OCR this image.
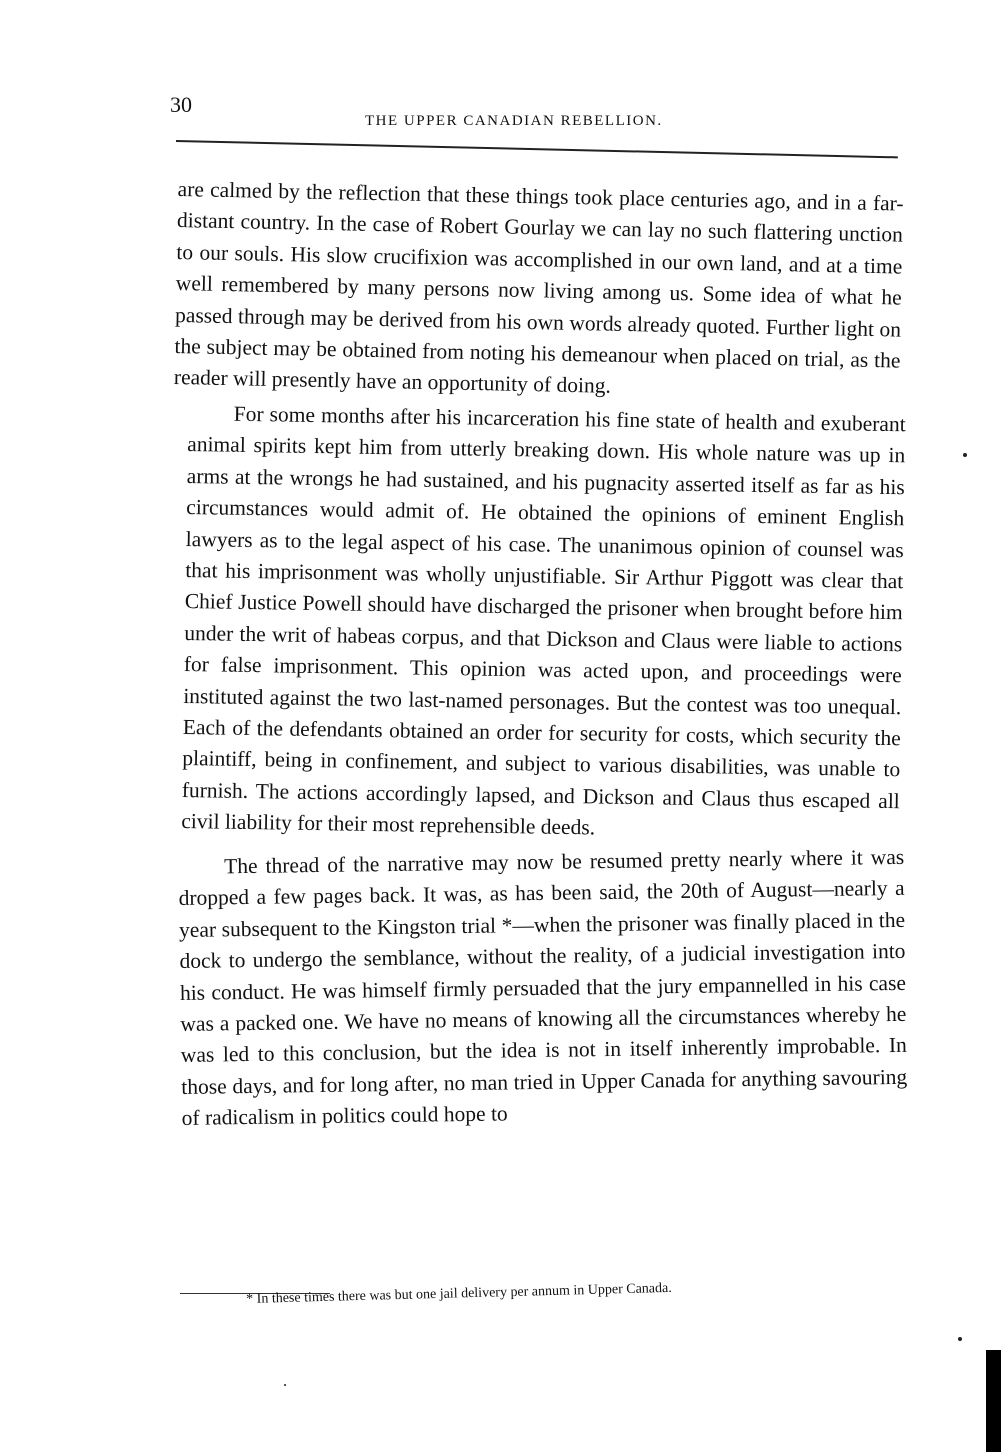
30
THE UPPER CANADIAN REBELLION.

are calmed by the reflection that these things took place centuries ago, and in a far-distant country. In the case of Robert Gourlay we can lay no such flattering unction to our souls. His slow crucifixion was accomplished in our own land, and at a time well remembered by many persons now living among us. Some idea of what he passed through may be derived from his own words already quoted. Further light on the subject may be obtained from noting his demeanour when placed on trial, as the reader will presently have an opportunity of doing.

For some months after his incarceration his fine state of health and exuberant animal spirits kept him from utterly breaking down. His whole nature was up in arms at the wrongs he had sustained, and his pugnacity asserted itself as far as his circumstances would admit of. He obtained the opinions of eminent English lawyers as to the legal aspect of his case. The unanimous opinion of counsel was that his imprisonment was wholly unjustifiable. Sir Arthur Piggott was clear that Chief Justice Powell should have discharged the prisoner when brought before him under the writ of habeas corpus, and that Dickson and Claus were liable to actions for false imprisonment. This opinion was acted upon, and proceedings were instituted against the two last-named personages. But the contest was too unequal. Each of the defendants obtained an order for security for costs, which security the plaintiff, being in confinement, and subject to various disabilities, was unable to furnish. The actions accordingly lapsed, and Dickson and Claus thus escaped all civil liability for their most reprehensible deeds.

The thread of the narrative may now be resumed pretty nearly where it was dropped a few pages back. It was, as has been said, the 20th of August—nearly a year subsequent to the Kingston trial *—when the prisoner was finally placed in the dock to undergo the semblance, without the reality, of a judicial investigation into his conduct. He was himself firmly persuaded that the jury empannelled in his case was a packed one. We have no means of knowing all the circumstances whereby he was led to this conclusion, but the idea is not in itself inherently improbable. In those days, and for long after, no man tried in Upper Canada for anything savouring of radicalism in politics could hope to

* In these times there was but one jail delivery per annum in Upper Canada.
